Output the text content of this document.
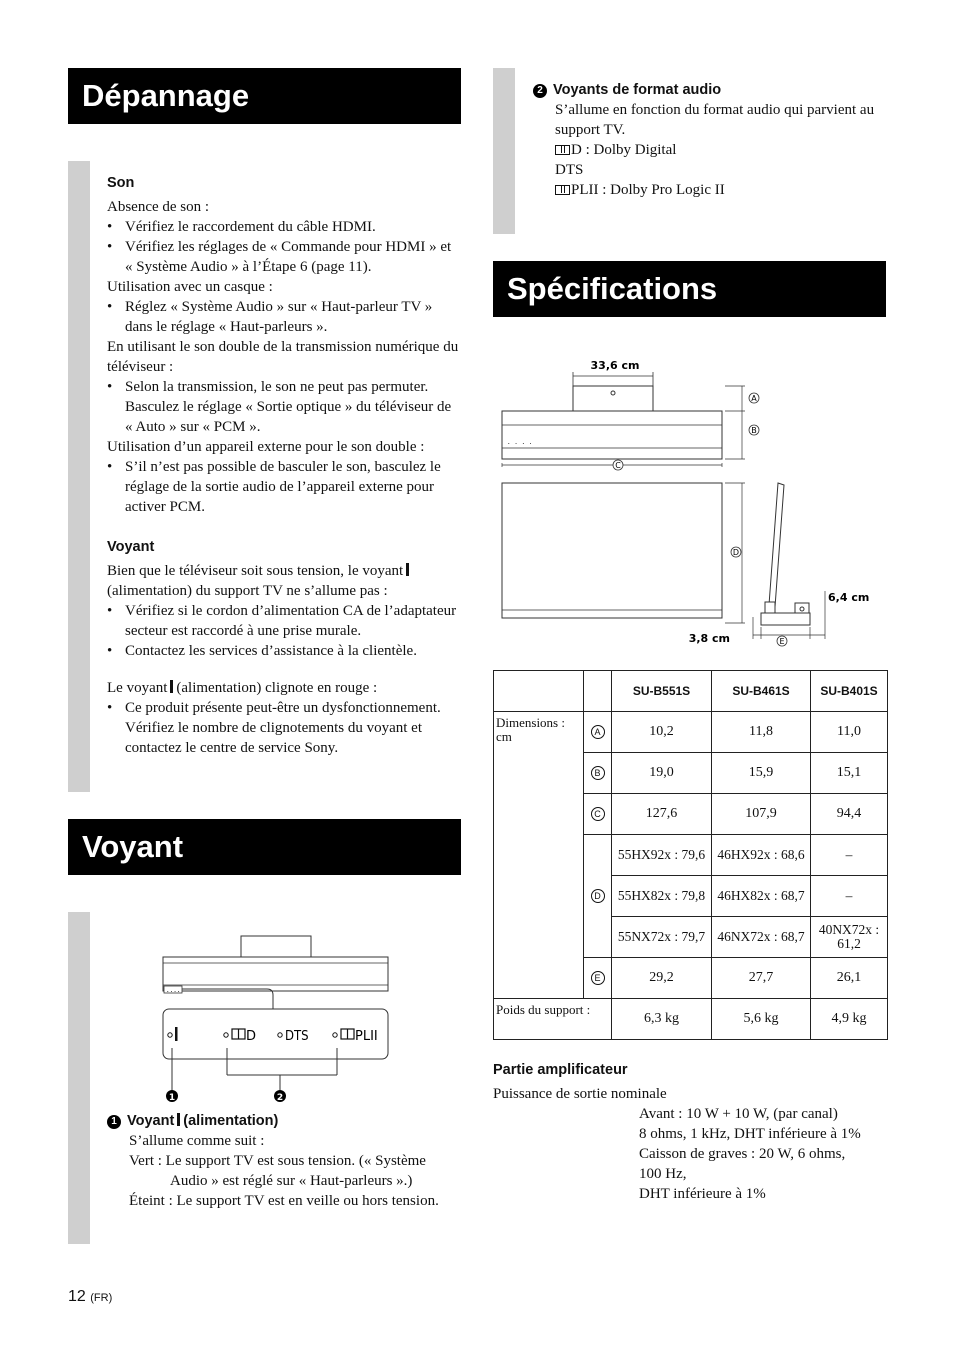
Dépannage
Son
Absence de son :
• Vérifiez le raccordement du câble HDMI.
• Vérifiez les réglages de « Commande pour HDMI » et « Système Audio » à l’Étape 6 (page 11).
Utilisation avec un casque :
• Réglez « Système Audio » sur « Haut-parleur TV » dans le réglage « Haut-parleurs ».
En utilisant le son double de la transmission numérique du téléviseur :
• Selon la transmission, le son ne peut pas permuter. Basculez le réglage « Sortie optique » du téléviseur de « Auto » sur « PCM ».
Utilisation d’un appareil externe pour le son double :
• S’il n’est pas possible de basculer le son, basculez le réglage de la sortie audio de l’appareil externe pour activer PCM.
Voyant
Bien que le téléviseur soit sous tension, le voyant
(alimentation) du support TV ne s’allume pas :
• Vérifiez si le cordon d’alimentation CA de l’adaptateur secteur est raccordé à une prise murale.
• Contactez les services d’assistance à la clientèle.
Le voyant (alimentation) clignote en rouge :
• Ce produit présente peut-être un dysfonctionnement. Vérifiez le nombre de clignotements du voyant et contactez le centre de service Sony.
Voyant
....
D DTS	PLII
1	2
1 Voyant (alimentation)
S’allume comme suit :
Vert : Le support TV est sous tension. (« Système
Audio » est réglé sur « Haut-parleurs ».)
Éteint : Le support TV est en veille ou hors tension.
2 Voyants de format audio
S’allume en fonction du format audio qui parvient au support TV.
D : Dolby Digital
DTS
PLII : Dolby Pro Logic II
Spécifications
33,6 cm
. . . .
A
B
C
D
E
6,4 cm
3,8 cm
		SU-B551S	SU-B461S	SU-B401S
Dimensions : cm	A	10,2	11,8	11,0
	B	19,0	15,9	15,1
	C	127,6	107,9	94,4
	D	55HX92x : 79,6	46HX92x : 68,6	–
		55HX82x : 79,8	46HX82x : 68,7	–
		55NX72x : 79,7	46NX72x : 68,7	40NX72x : 61,2
	E	29,2	27,7	26,1
Poids du support :		6,3 kg	5,6 kg	4,9 kg
Partie amplificateur
Puissance de sortie nominale
Avant : 10 W + 10 W, (par canal)
8 ohms, 1 kHz, DHT inférieure à 1%
Caisson de graves : 20 W, 6 ohms,
100 Hz,
DHT inférieure à 1%
12 (FR)
